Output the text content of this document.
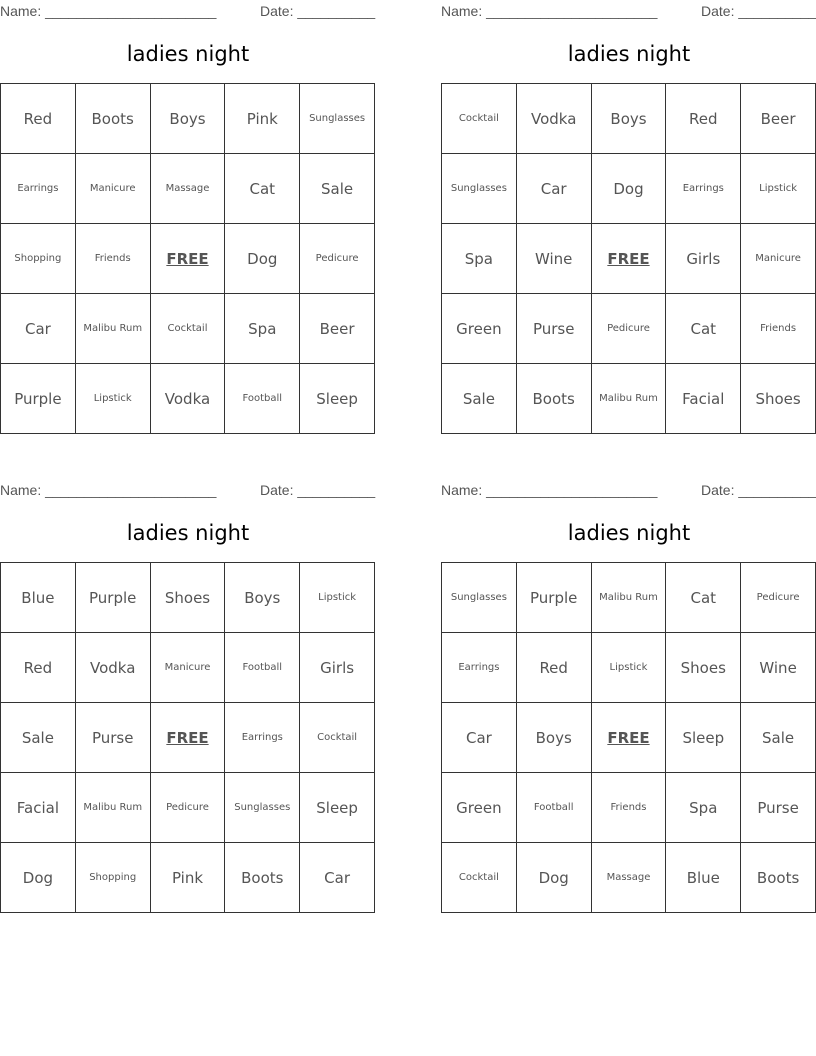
Name: ______________________	Date: __________
ladies night
Red	Boots	Boys	Pink	Sunglasses
Earrings	Manicure	Massage	Cat	Sale
Shopping	Friends	FREE	Dog	Pedicure
Car	Malibu Rum	Cocktail	Spa	Beer
Purple	Lipstick	Vodka	Football	Sleep
Name: ______________________	Date: __________
ladies night
Cocktail	Vodka	Boys	Red	Beer
Sunglasses	Car	Dog	Earrings	Lipstick
Spa	Wine	FREE	Girls	Manicure
Green	Purse	Pedicure	Cat	Friends
Sale	Boots	Malibu Rum	Facial	Shoes
Name: ______________________	Date: __________
ladies night
Blue	Purple	Shoes	Boys	Lipstick
Red	Vodka	Manicure	Football	Girls
Sale	Purse	FREE	Earrings	Cocktail
Facial	Malibu Rum	Pedicure	Sunglasses	Sleep
Dog	Shopping	Pink	Boots	Car
Name: ______________________	Date: __________
ladies night
Sunglasses	Purple	Malibu Rum	Cat	Pedicure
Earrings	Red	Lipstick	Shoes	Wine
Car	Boys	FREE	Sleep	Sale
Green	Football	Friends	Spa	Purse
Cocktail	Dog	Massage	Blue	Boots
